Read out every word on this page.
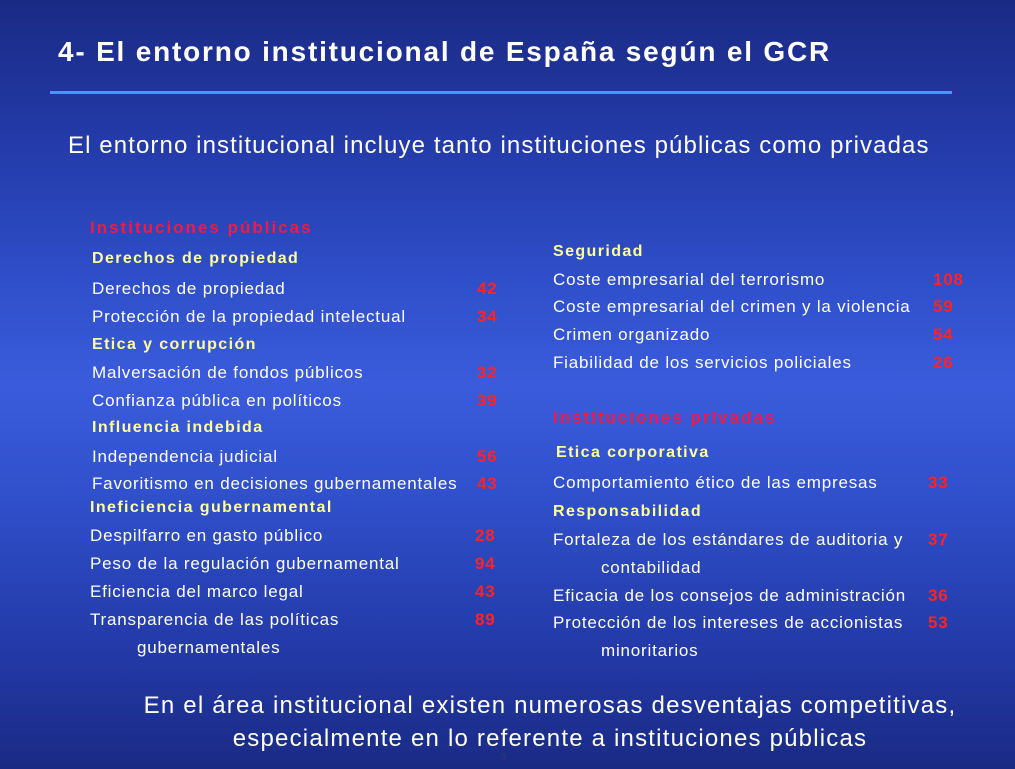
4- El entorno institucional de España según el GCR
El entorno institucional incluye tanto instituciones públicas como privadas
Instituciones públicas
Derechos de propiedad
Derechos de propiedad	42
Protección de la propiedad intelectual	34
Etica y corrupción
Malversación de fondos públicos	32
Confianza pública en políticos	39
Influencia indebida
Independencia judicial	56
Favoritismo en decisiones gubernamentales 43
Ineficiencia gubernamental
Despilfarro en gasto público	28
Peso de la regulación gubernamental	94
Eficiencia del marco legal	43
Transparencia de las políticas	89
gubernamentales
Seguridad
Coste empresarial del terrorismo	108
Coste empresarial del crimen y la violencia 59
Crimen organizado	54
Fiabilidad de los servicios policiales	26
Instituciones privadas
Etica corporativa
Comportamiento ético de las empresas	33
Responsabilidad
Fortaleza de los estándares de auditoria y 37
contabilidad
Eficacia de los consejos de administración 36
Protección de los intereses de accionistas 53
minoritarios
En el área institucional existen numerosas desventajas competitivas,
especialmente en lo referente a instituciones públicas
9
